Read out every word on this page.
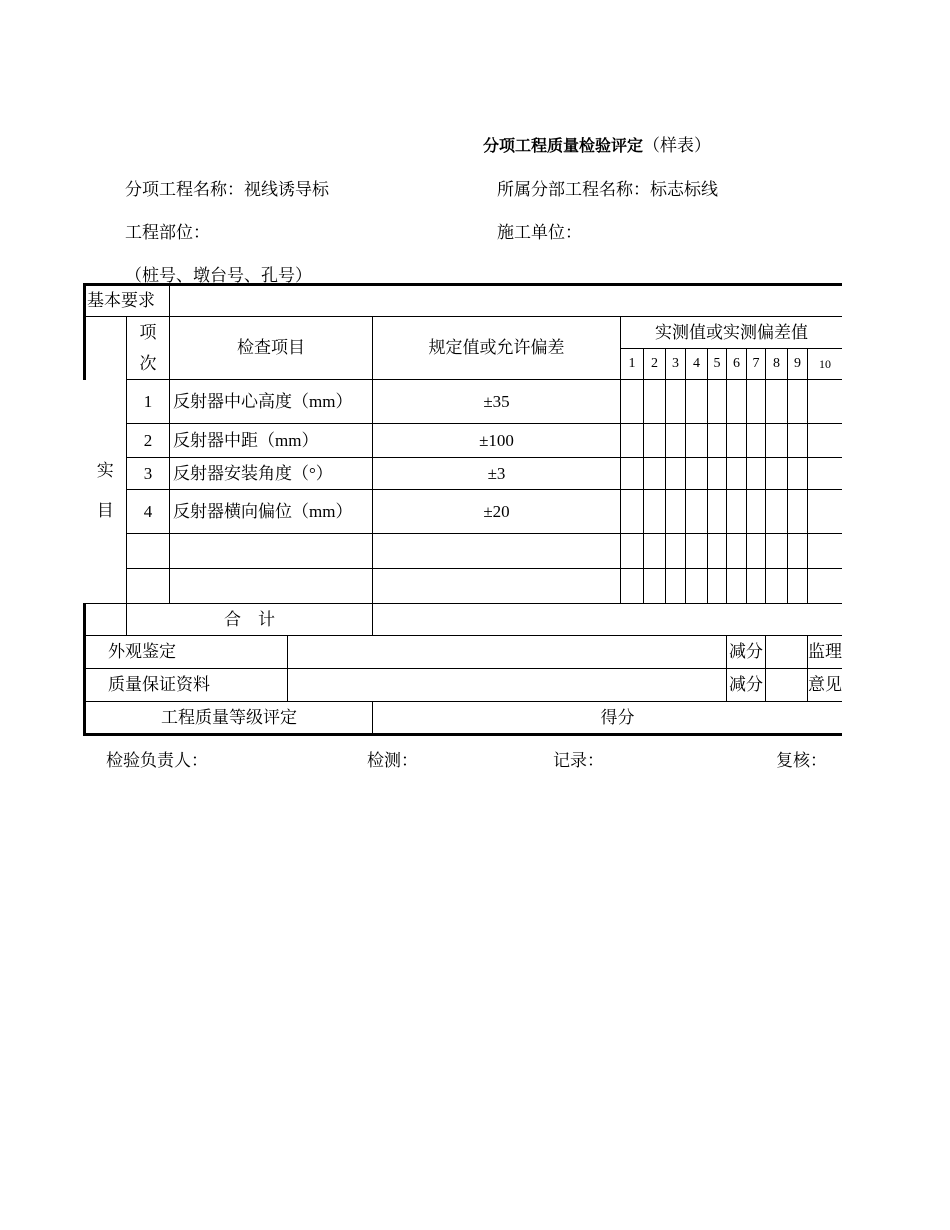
分项工程质量检验评定（样表）
分项工程名称：视线诱导标	所属分部工程名称：标志标线
工程部位：	施工单位：
（桩号、墩台号、孔号）
基本要求														
	项	检查项目		规定值或允许偏差	实测值或实测偏差值									
	次				1	2	3	4	5	6	7	8	9	10
实

目	1	反射器中心高度（mm）		±35										
	2	反射器中距（mm）		±100										
	3	反射器安装角度（°）		±3										
	4	反射器横向偏位（mm）		±20										

	合　计													
外观鉴定										减分				监理
质量保证资料										减分				意见
工程质量等级评定				得分										
检验负责人：	检测：	记录：	复核：
